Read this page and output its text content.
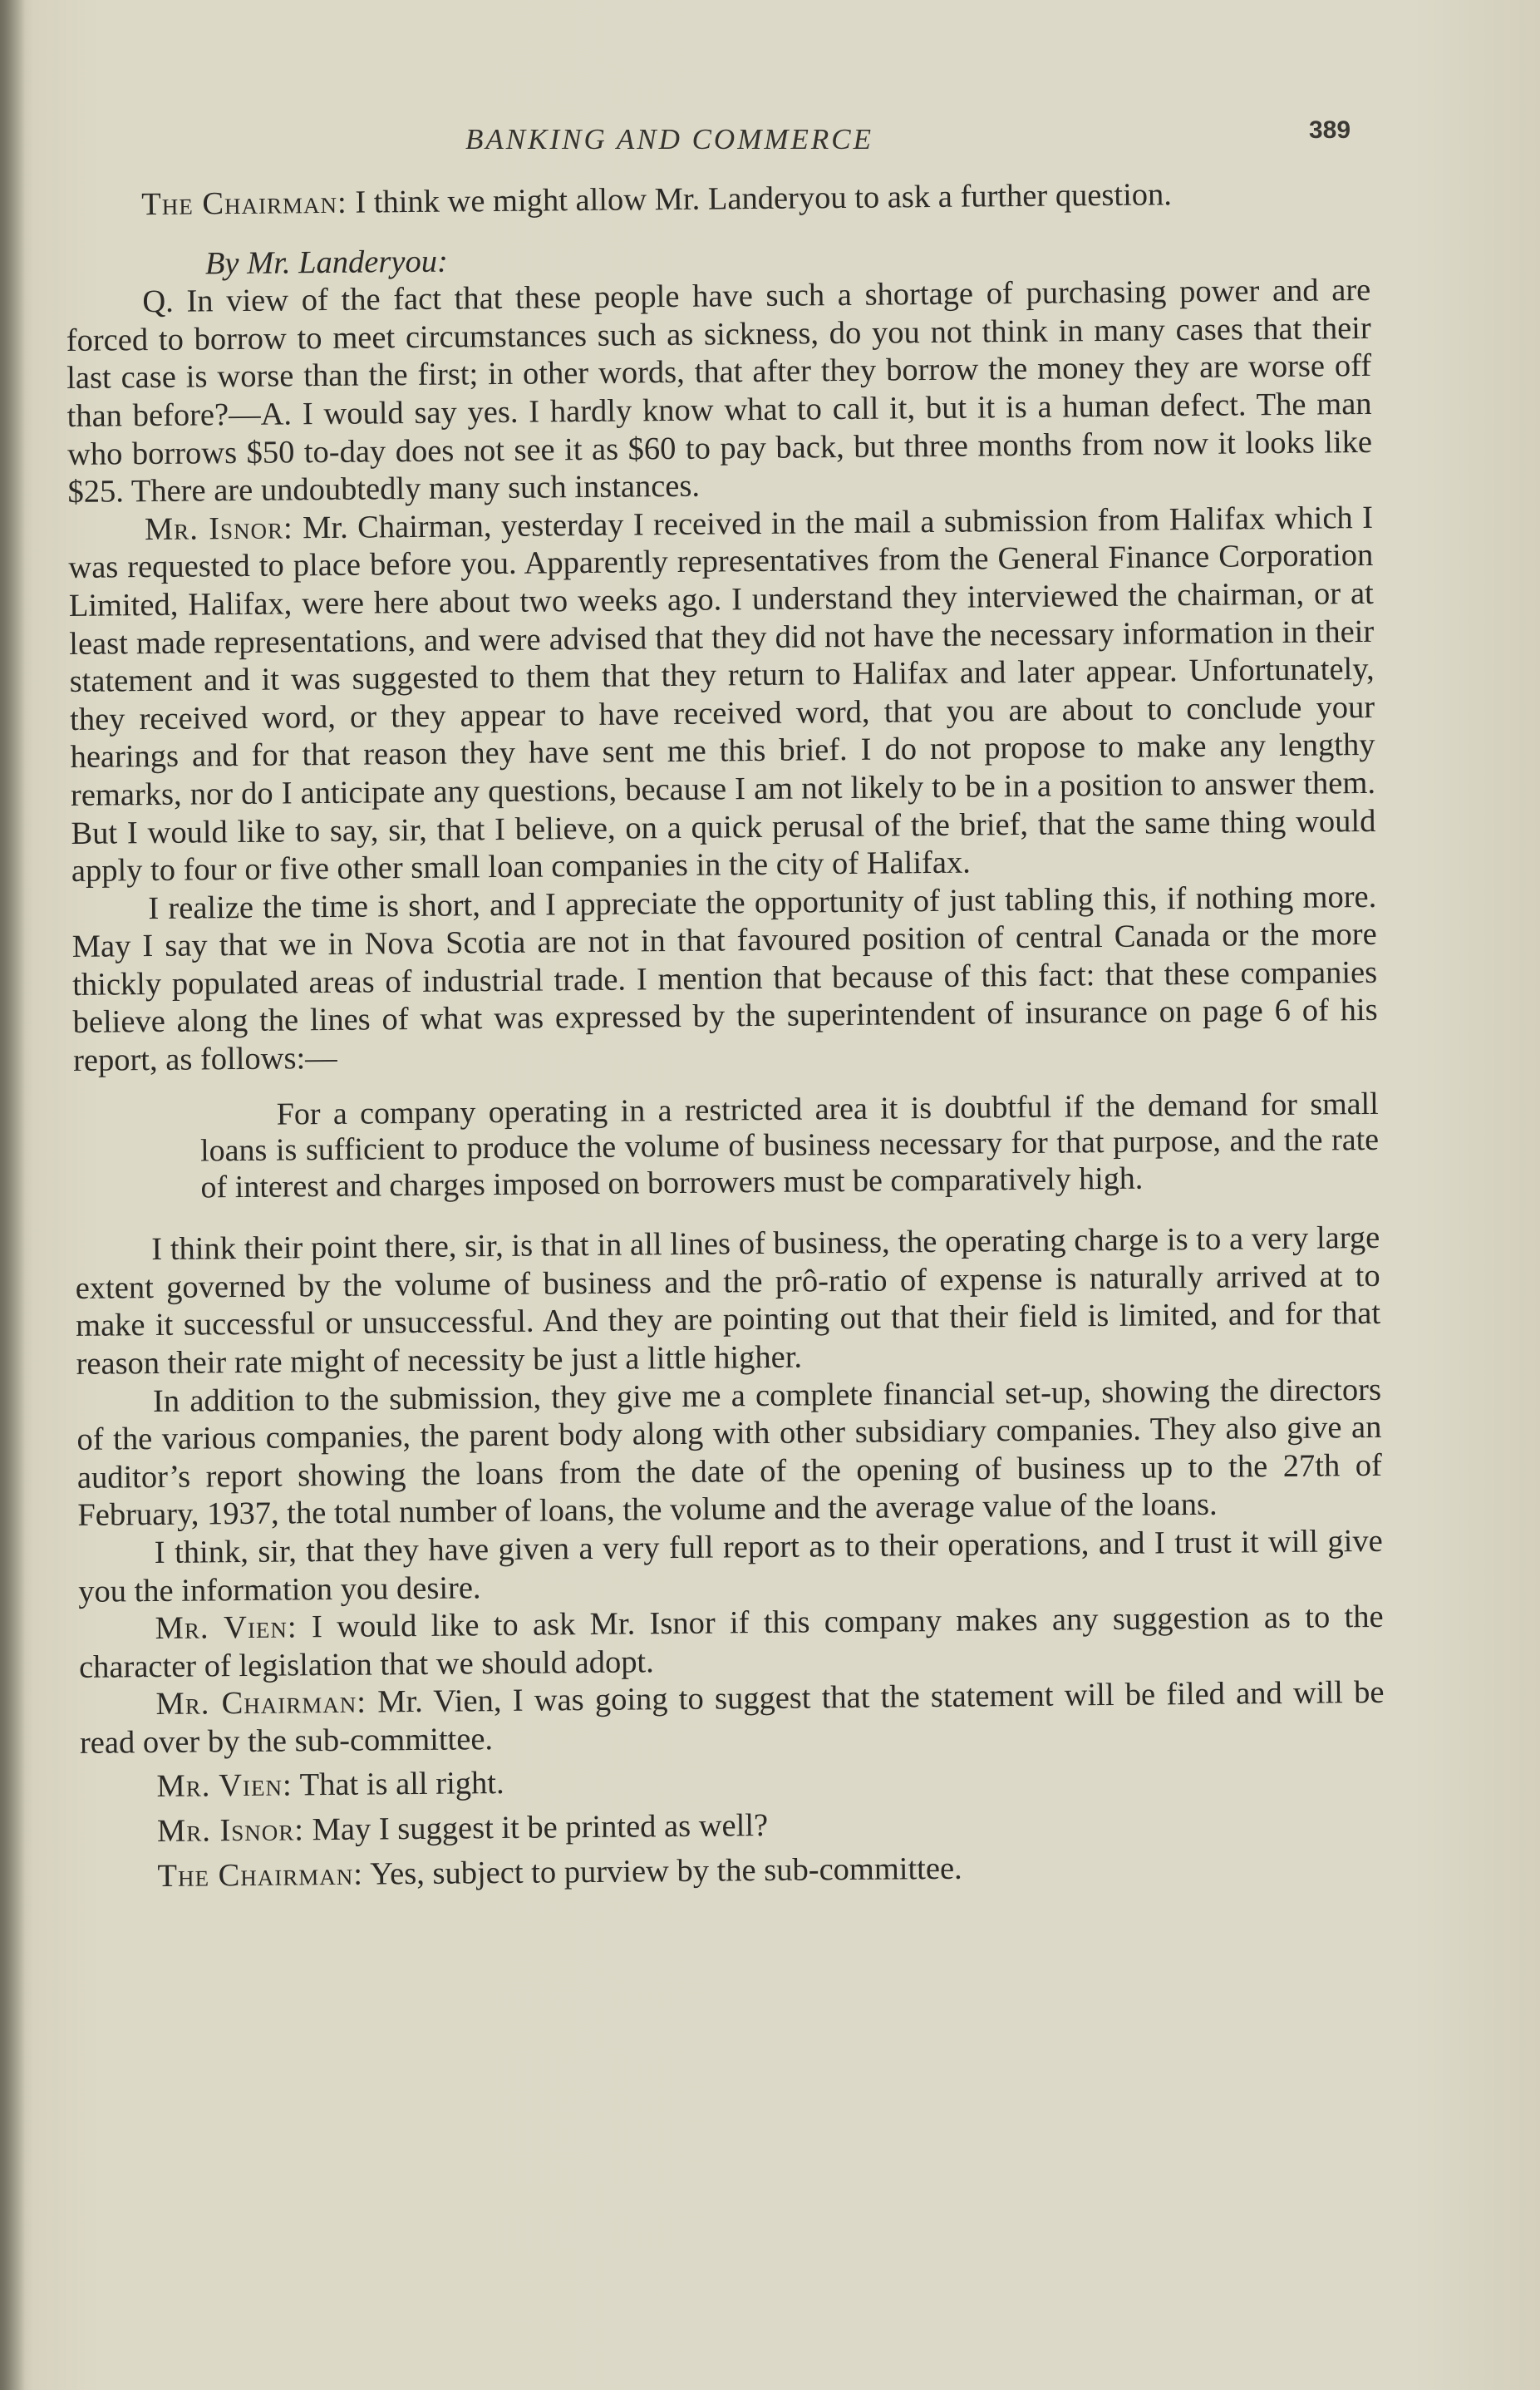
BANKING AND COMMERCE	389

The Chairman: I think we might allow Mr. Landeryou to ask a further question.

By Mr. Landeryou:

Q. In view of the fact that these people have such a shortage of purchasing power and are forced to borrow to meet circumstances such as sickness, do you not think in many cases that their last case is worse than the first; in other words, that after they borrow the money they are worse off than before?—A. I would say yes. I hardly know what to call it, but it is a human defect. The man who borrows $50 to-day does not see it as $60 to pay back, but three months from now it looks like $25. There are undoubtedly many such instances.

Mr. Isnor: Mr. Chairman, yesterday I received in the mail a submission from Halifax which I was requested to place before you. Apparently representatives from the General Finance Corporation Limited, Halifax, were here about two weeks ago. I understand they interviewed the chairman, or at least made representations, and were advised that they did not have the necessary information in their statement and it was suggested to them that they return to Halifax and later appear. Unfortunately, they received word, or they appear to have received word, that you are about to conclude your hearings and for that reason they have sent me this brief. I do not propose to make any lengthy remarks, nor do I anticipate any questions, because I am not likely to be in a position to answer them. But I would like to say, sir, that I believe, on a quick perusal of the brief, that the same thing would apply to four or five other small loan companies in the city of Halifax.

I realize the time is short, and I appreciate the opportunity of just tabling this, if nothing more. May I say that we in Nova Scotia are not in that favoured position of central Canada or the more thickly populated areas of industrial trade. I mention that because of this fact: that these companies believe along the lines of what was expressed by the superintendent of insurance on page 6 of his report, as follows:—

For a company operating in a restricted area it is doubtful if the demand for small loans is sufficient to produce the volume of business necessary for that purpose, and the rate of interest and charges imposed on borrowers must be comparatively high.

I think their point there, sir, is that in all lines of business, the operating charge is to a very large extent governed by the volume of business and the prô-ratio of expense is naturally arrived at to make it successful or unsuccessful. And they are pointing out that their field is limited, and for that reason their rate might of necessity be just a little higher.

In addition to the submission, they give me a complete financial set-up, showing the directors of the various companies, the parent body along with other subsidiary companies. They also give an auditor’s report showing the loans from the date of the opening of business up to the 27th of February, 1937, the total number of loans, the volume and the average value of the loans.

I think, sir, that they have given a very full report as to their operations, and I trust it will give you the information you desire.

Mr. Vien: I would like to ask Mr. Isnor if this company makes any suggestion as to the character of legislation that we should adopt.

Mr. Chairman: Mr. Vien, I was going to suggest that the statement will be filed and will be read over by the sub-committee.

Mr. Vien: That is all right.

Mr. Isnor: May I suggest it be printed as well?

The Chairman: Yes, subject to purview by the sub-committee.
